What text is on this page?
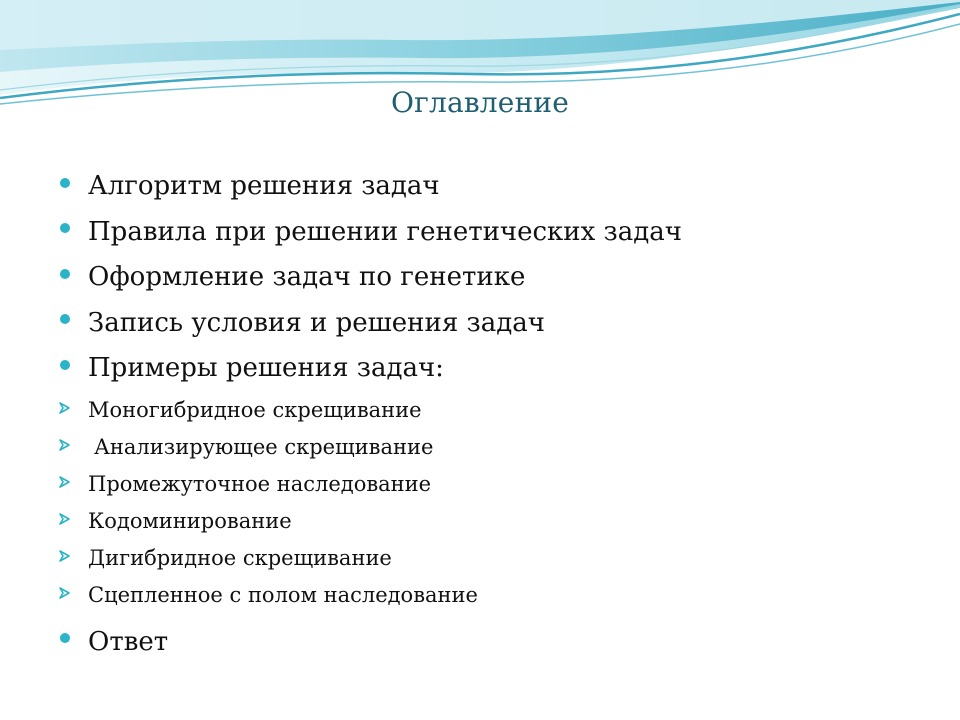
Оглавление
Алгоритм решения задач
Правила при решении генетических задач
Оформление задач по генетике
Запись условия и решения задач
Примеры решения задач:
Моногибридное скрещивание
Анализирующее скрещивание
Промежуточное наследование
Кодоминирование
Дигибридное скрещивание
Сцепленное с полом наследование
Ответ
